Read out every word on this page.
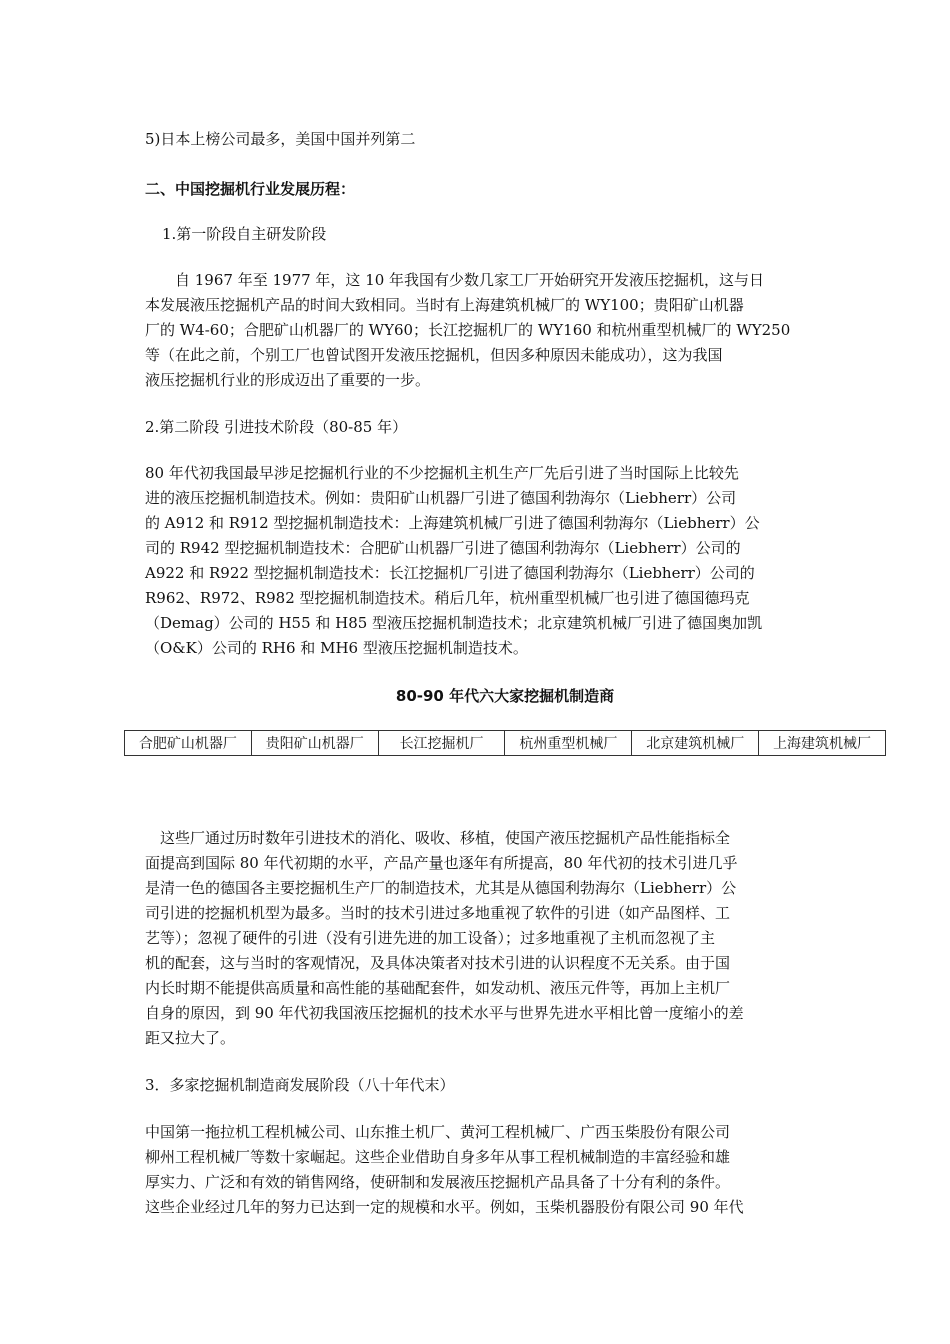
5)日本上榜公司最多，美国中国并列第二

二、中国挖掘机行业发展历程：

1.第一阶段自主研发阶段

　　自 1967 年至 1977 年，这 10 年我国有少数几家工厂开始研究开发液压挖掘机，这与日
本发展液压挖掘机产品的时间大致相同。当时有上海建筑机械厂的 WY100；贵阳矿山机器
厂的 W4-60；合肥矿山机器厂的 WY60；长江挖掘机厂的 WY160 和杭州重型机械厂的 WY250
等（在此之前，个别工厂也曾试图开发液压挖掘机，但因多种原因未能成功），这为我国
液压挖掘机行业的形成迈出了重要的一步。

2.第二阶段 引进技术阶段（80-85 年）

80 年代初我国最早涉足挖掘机行业的不少挖掘机主机生产厂先后引进了当时国际上比较先
进的液压挖掘机制造技术。例如：贵阳矿山机器厂引进了德国利勃海尔（Liebherr）公司
的 A912 和 R912 型挖掘机制造技术：上海建筑机械厂引进了德国利勃海尔（Liebherr）公
司的 R942 型挖掘机制造技术：合肥矿山机器厂引进了德国利勃海尔（Liebherr）公司的
A922 和 R922 型挖掘机制造技术：长江挖掘机厂引进了德国利勃海尔（Liebherr）公司的
R962、R972、R982 型挖掘机制造技术。稍后几年，杭州重型机械厂也引进了德国德玛克
（Demag）公司的 H55 和 H85 型液压挖掘机制造技术；北京建筑机械厂引进了德国奥加凯
（O&K）公司的 RH6 和 MH6 型液压挖掘机制造技术。
80-90 年代六大家挖掘机制造商
合肥矿山机器厂	贵阳矿山机器厂	长江挖掘机厂	杭州重型机械厂	北京建筑机械厂	上海建筑机械厂
　这些厂通过历时数年引进技术的消化、吸收、移植，使国产液压挖掘机产品性能指标全
面提高到国际 80 年代初期的水平，产品产量也逐年有所提高，80 年代初的技术引进几乎
是清一色的德国各主要挖掘机生产厂的制造技术，尤其是从德国利勃海尔（Liebherr）公
司引进的挖掘机机型为最多。当时的技术引进过多地重视了软件的引进（如产品图样、工
艺等）；忽视了硬件的引进（没有引进先进的加工设备）；过多地重视了主机而忽视了主
机的配套，这与当时的客观情况，及具体决策者对技术引进的认识程度不无关系。由于国
内长时期不能提供高质量和高性能的基础配套件，如发动机、液压元件等，再加上主机厂
自身的原因，到 90 年代初我国液压挖掘机的技术水平与世界先进水平相比曾一度缩小的差
距又拉大了。

3．多家挖掘机制造商发展阶段（八十年代末）

中国第一拖拉机工程机械公司、山东推土机厂、黄河工程机械厂、广西玉柴股份有限公司
柳州工程机械厂等数十家崛起。这些企业借助自身多年从事工程机械制造的丰富经验和雄
厚实力、广泛和有效的销售网络，使研制和发展液压挖掘机产品具备了十分有利的条件。
这些企业经过几年的努力已达到一定的规模和水平。例如，玉柴机器股份有限公司 90 年代
